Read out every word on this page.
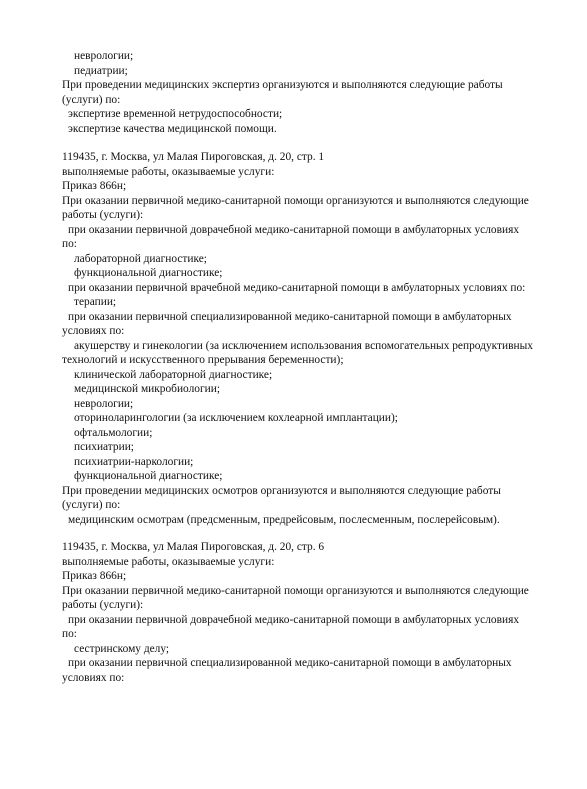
неврологии;
педиатрии;
При проведении медицинских экспертиз организуются и выполняются следующие работы
(услуги) по:
экспертизе временной нетрудоспособности;
экспертизе качества медицинской помощи.
119435, г. Москва, ул Малая Пироговская, д. 20, стр. 1
выполняемые работы, оказываемые услуги:
Приказ 866н;
При оказании первичной медико-санитарной помощи организуются и выполняются следующие
работы (услуги):
при оказании первичной доврачебной медико-санитарной помощи в амбулаторных условиях
по:
лабораторной диагностике;
функциональной диагностике;
при оказании первичной врачебной медико-санитарной помощи в амбулаторных условиях по:
терапии;
при оказании первичной специализированной медико-санитарной помощи в амбулаторных
условиях по:
акушерству и гинекологии (за исключением использования вспомогательных репродуктивных
технологий и искусственного прерывания беременности);
клинической лабораторной диагностике;
медицинской микробиологии;
неврологии;
оториноларингологии (за исключением кохлеарной имплантации);
офтальмологии;
психиатрии;
психиатрии-наркологии;
функциональной диагностике;
При проведении медицинских осмотров организуются и выполняются следующие работы
(услуги) по:
медицинским осмотрам (предсменным, предрейсовым, послесменным, послерейсовым).
119435, г. Москва, ул Малая Пироговская, д. 20, стр. 6
выполняемые работы, оказываемые услуги:
Приказ 866н;
При оказании первичной медико-санитарной помощи организуются и выполняются следующие
работы (услуги):
при оказании первичной доврачебной медико-санитарной помощи в амбулаторных условиях
по:
сестринскому делу;
при оказании первичной специализированной медико-санитарной помощи в амбулаторных
условиях по:
